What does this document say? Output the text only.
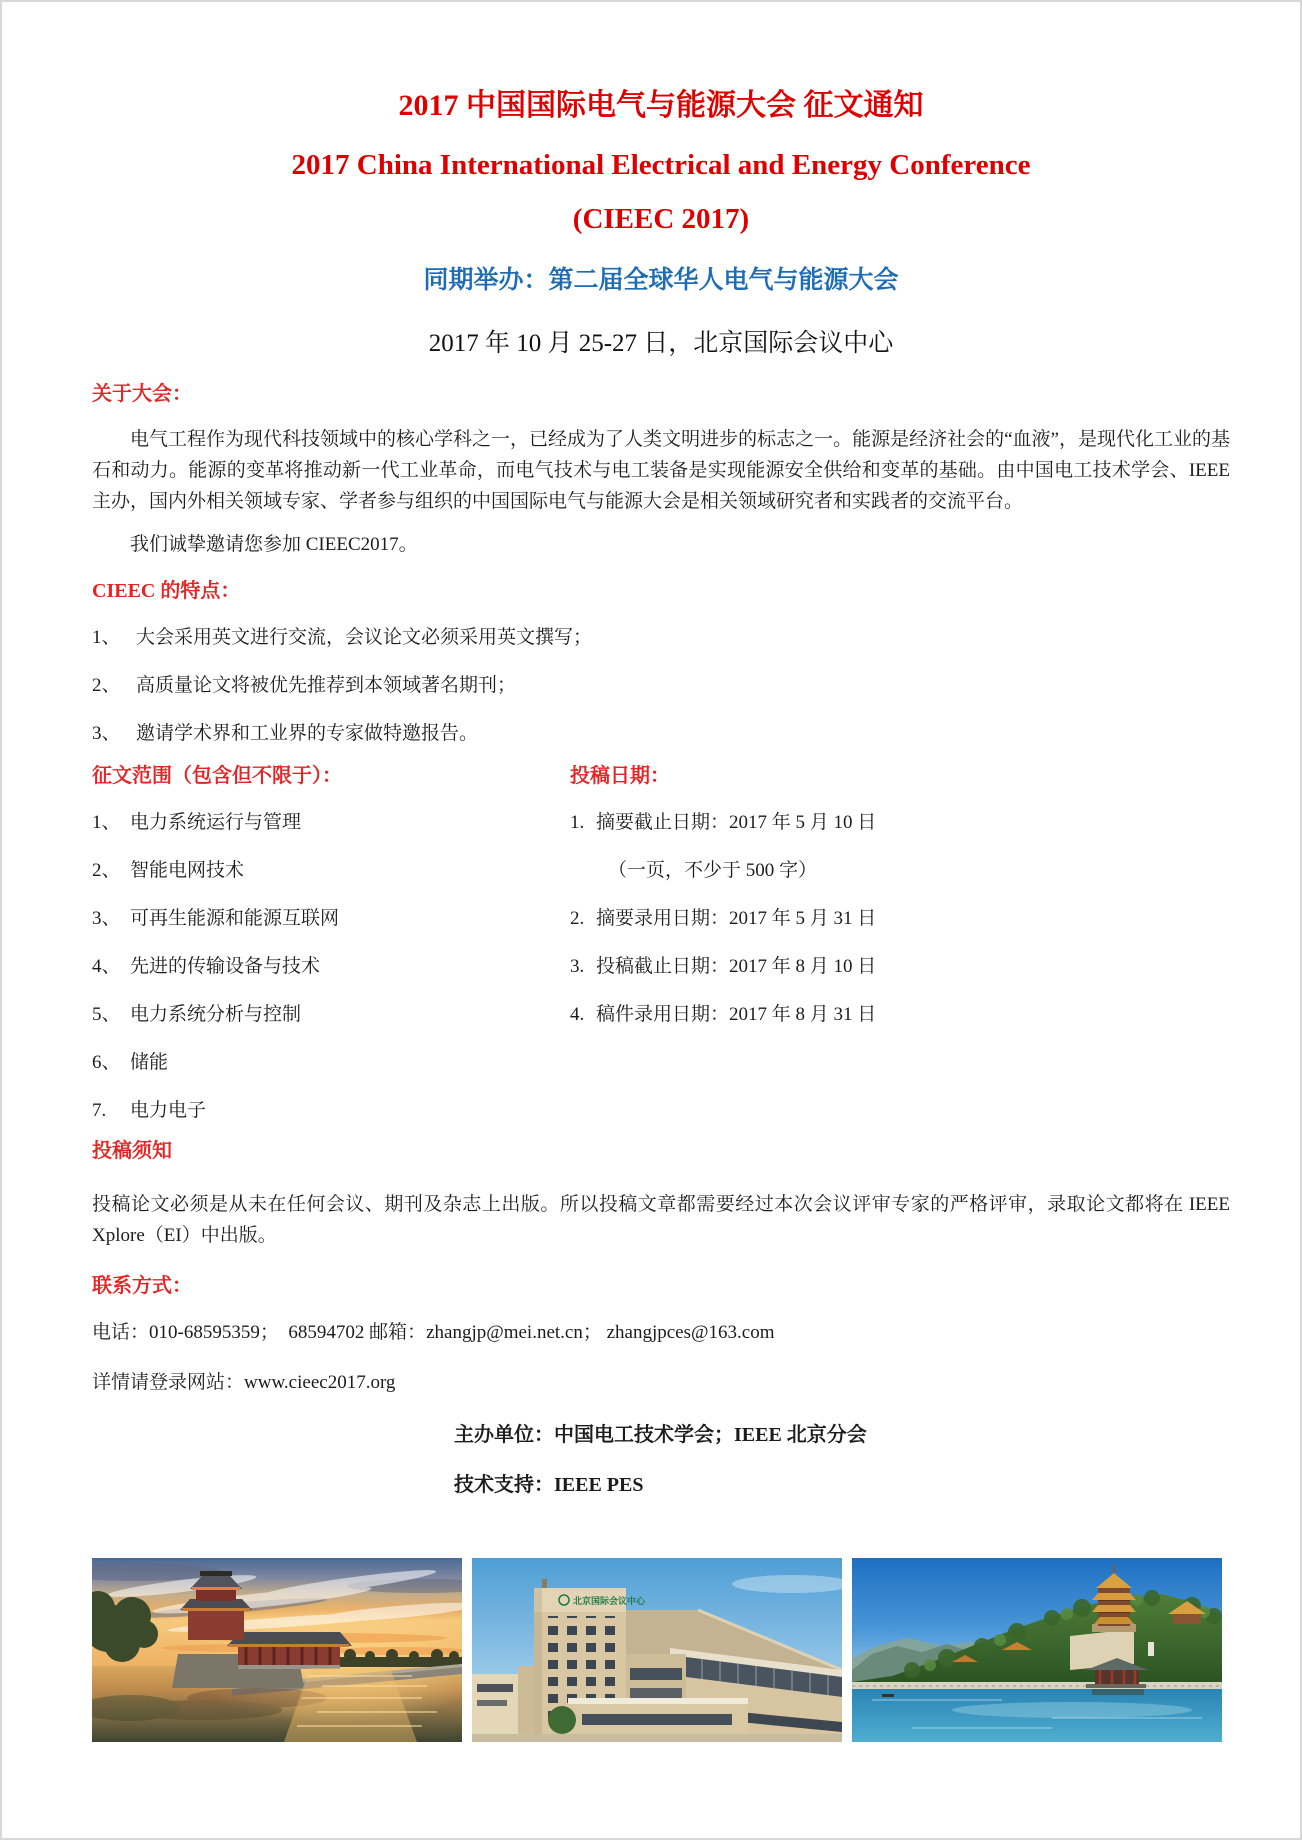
2017 中国国际电气与能源大会 征文通知
2017 China International Electrical and Energy Conference
(CIEEC 2017)
同期举办：第二届全球华人电气与能源大会
2017 年 10 月 25-27 日，北京国际会议中心
关于大会：

电气工程作为现代科技领域中的核心学科之一，已经成为了人类文明进步的标志之一。能源是经济社会的“血液”，是现代化工业的基石和动力。能源的变革将推动新一代工业革命，而电气技术与电工装备是实现能源安全供给和变革的基础。由中国电工技术学会、IEEE 主办，国内外相关领域专家、学者参与组织的中国国际电气与能源大会是相关领域研究者和实践者的交流平台。

我们诚挚邀请您参加 CIEEC2017。

CIEEC 的特点：
1、 大会采用英文进行交流，会议论文必须采用英文撰写；
2、 高质量论文将被优先推荐到本领域著名期刊；
3、 邀请学术界和工业界的专家做特邀报告。
征文范围（包含但不限于）：
1、 电力系统运行与管理
2、 智能电网技术
3、 可再生能源和能源互联网
4、 先进的传输设备与技术
5、 电力系统分析与控制
6、 储能
7.	电力电子
投稿日期：
1. 摘要截止日期：2017 年 5 月 10 日
（一页，不少于 500 字）
2. 摘要录用日期：2017 年 5 月 31 日
3. 投稿截止日期：2017 年 8 月 10 日
4. 稿件录用日期：2017 年 8 月 31 日
投稿须知

投稿论文必须是从未在任何会议、期刊及杂志上出版。所以投稿文章都需要经过本次会议评审专家的严格评审，录取论文都将在 IEEE Xplore（EI）中出版。

联系方式：
电话：010-68595359；  68594702 邮箱：zhangjp@mei.net.cn； zhangjpces@163.com
详情请登录网站：www.cieec2017.org
主办单位：中国电工技术学会；IEEE 北京分会
技术支持：IEEE PES
北京国际会议中心
